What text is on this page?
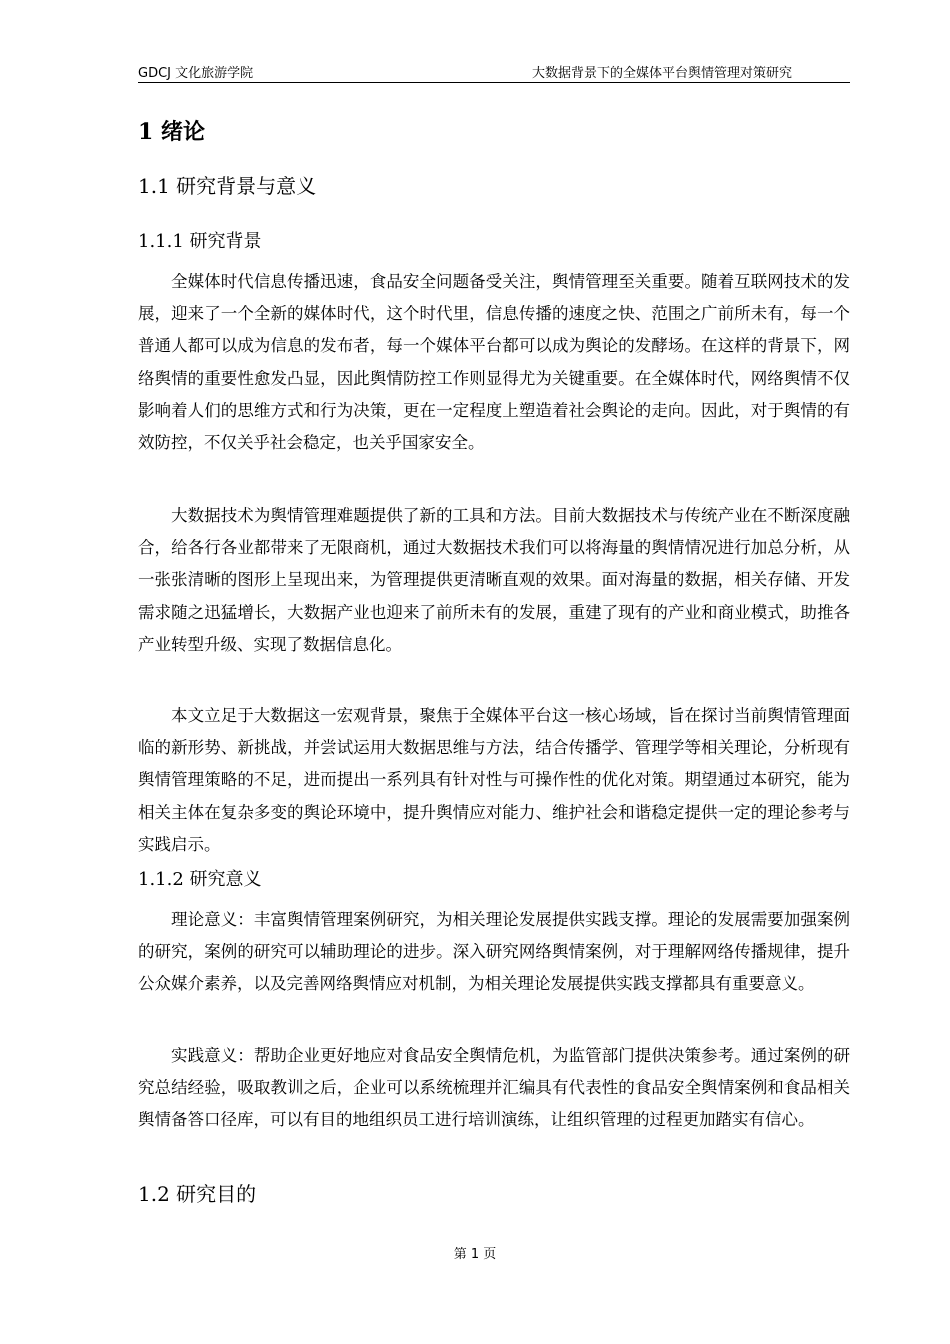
GDCJ 文化旅游学院	大数据背景下的全媒体平台舆情管理对策研究
1 绪论
1.1 研究背景与意义
1.1.1 研究背景

全媒体时代信息传播迅速，食品安全问题备受关注，舆情管理至关重要。随着互联网技术的发展，迎来了一个全新的媒体时代，这个时代里，信息传播的速度之快、范围之广前所未有，每一个普通人都可以成为信息的发布者，每一个媒体平台都可以成为舆论的发酵场。在这样的背景下，网络舆情的重要性愈发凸显，因此舆情防控工作则显得尤为关键重要。在全媒体时代，网络舆情不仅影响着人们的思维方式和行为决策，更在一定程度上塑造着社会舆论的走向。因此，对于舆情的有效防控，不仅关乎社会稳定，也关乎国家安全。

大数据技术为舆情管理难题提供了新的工具和方法。目前大数据技术与传统产业在不断深度融合，给各行各业都带来了无限商机，通过大数据技术我们可以将海量的舆情情况进行加总分析，从一张张清晰的图形上呈现出来，为管理提供更清晰直观的效果。面对海量的数据，相关存储、开发需求随之迅猛增长，大数据产业也迎来了前所未有的发展，重建了现有的产业和商业模式，助推各产业转型升级、实现了数据信息化。

本文立足于大数据这一宏观背景，聚焦于全媒体平台这一核心场域，旨在探讨当前舆情管理面临的新形势、新挑战，并尝试运用大数据思维与方法，结合传播学、管理学等相关理论，分析现有舆情管理策略的不足，进而提出一系列具有针对性与可操作性的优化对策。期望通过本研究，能为相关主体在复杂多变的舆论环境中，提升舆情应对能力、维护社会和谐稳定提供一定的理论参考与实践启示。

1.1.2 研究意义

理论意义：丰富舆情管理案例研究，为相关理论发展提供实践支撑。理论的发展需要加强案例的研究，案例的研究可以辅助理论的进步。深入研究网络舆情案例，对于理解网络传播规律，提升公众媒介素养，以及完善网络舆情应对机制，为相关理论发展提供实践支撑都具有重要意义。

实践意义：帮助企业更好地应对食品安全舆情危机，为监管部门提供决策参考。通过案例的研究总结经验，吸取教训之后，企业可以系统梳理并汇编具有代表性的食品安全舆情案例和食品相关舆情备答口径库，可以有目的地组织员工进行培训演练，让组织管理的过程更加踏实有信心。

1.2 研究目的
第 1 页
